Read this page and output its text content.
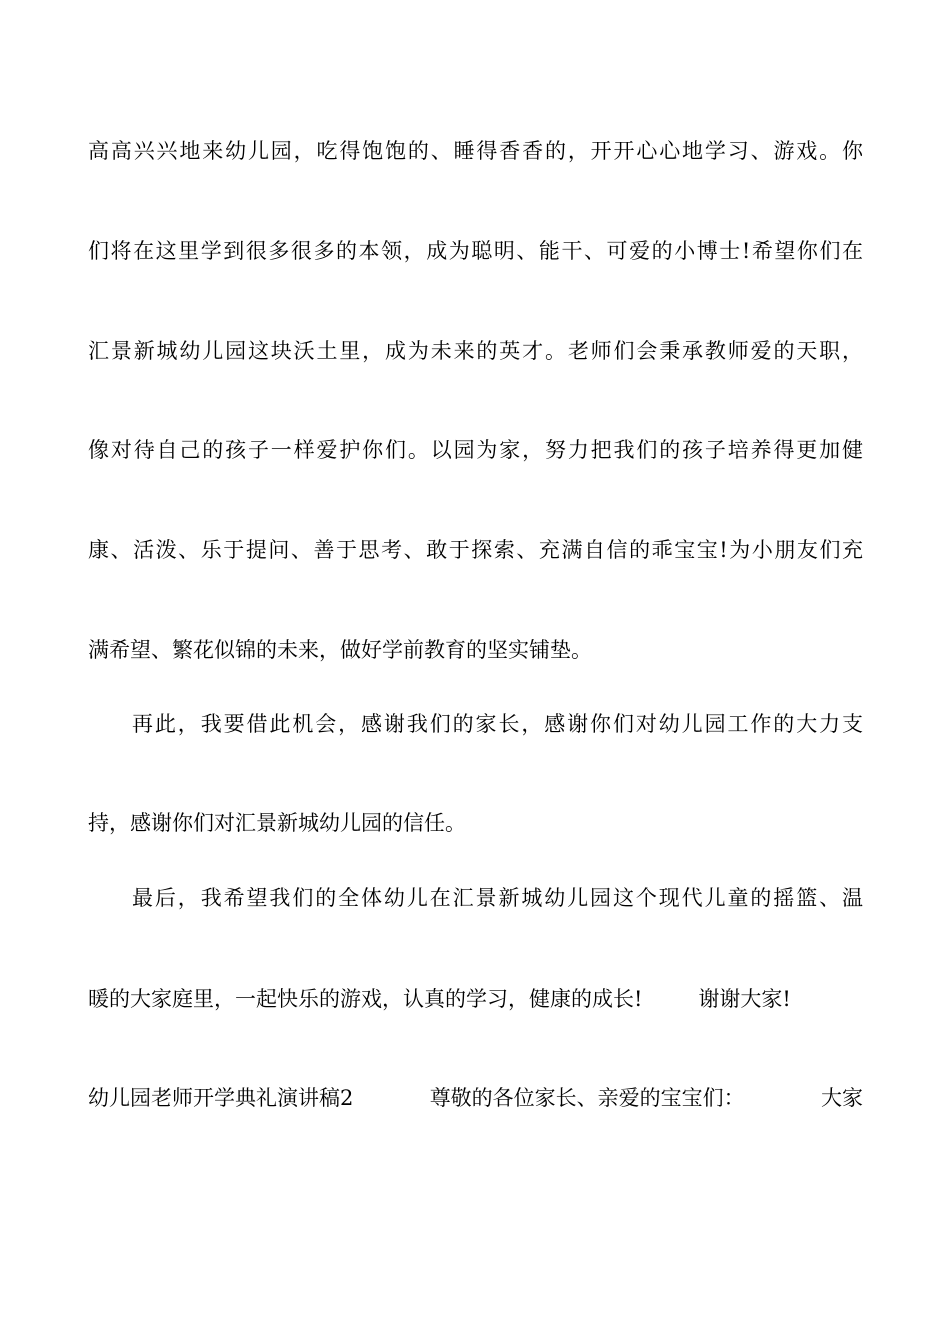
高高兴兴地来幼儿园，吃得饱饱的、睡得香香的，开开心心地学习、游戏。你
们将在这里学到很多很多的本领，成为聪明、能干、可爱的小博士!希望你们在
汇景新城幼儿园这块沃土里，成为未来的英才。老师们会秉承教师爱的天职，
像对待自己的孩子一样爱护你们。以园为家，努力把我们的孩子培养得更加健
康、活泼、乐于提问、善于思考、敢于探索、充满自信的乖宝宝!为小朋友们充
满希望、繁花似锦的未来，做好学前教育的坚实铺垫。
再此，我要借此机会，感谢我们的家长，感谢你们对幼儿园工作的大力支
持，感谢你们对汇景新城幼儿园的信任。
最后，我希望我们的全体幼儿在汇景新城幼儿园这个现代儿童的摇篮、温
暖的大家庭里，一起快乐的游戏，认真的学习，健康的成长!	谢谢大家!
幼儿园老师开学典礼演讲稿2	尊敬的各位家长、亲爱的宝宝们：	大家
